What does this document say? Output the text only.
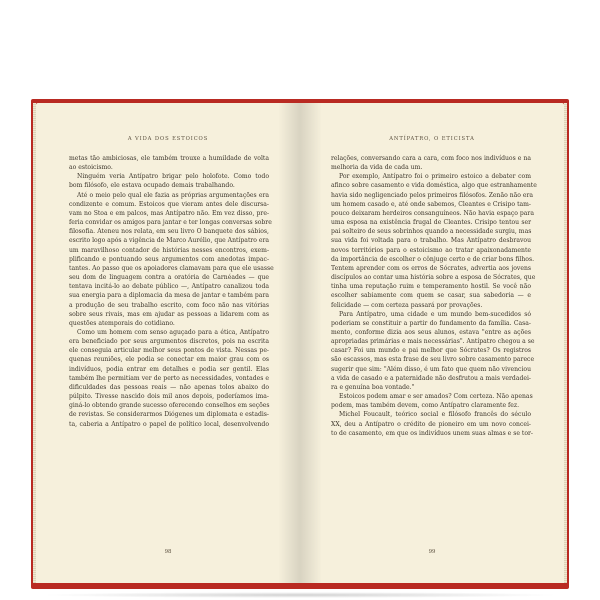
A VIDA DOS ESTOICOS
metas tão ambiciosas, ele também trouxe a humildade de volta
ao estoicismo.
Ninguém veria Antípatro brigar pelo holofote. Como todo
bom filósofo, ele estava ocupado demais trabalhando.
Até o meio pelo qual ele fazia as próprias argumentações era
condizente e comum. Estoicos que vieram antes dele discursa-
vam no Stoa e em palcos, mas Antípatro não. Em vez disso, pre-
feria convidar os amigos para jantar e ter longas conversas sobre
filosofia. Ateneu nos relata, em seu livro O banquete dos sábios,
escrito logo após a vigência de Marco Aurélio, que Antípatro era
um maravilhoso contador de histórias nesses encontros, exem-
plificando e pontuando seus argumentos com anedotas impac-
tantes. Ao passo que os apoiadores clamavam para que ele usasse
seu dom de linguagem contra a oratória de Carnéades — que
tentava incitá-lo ao debate público —, Antípatro canalizou toda
sua energia para a diplomacia da mesa de jantar e também para
a produção de seu trabalho escrito, com foco não nas vitórias
sobre seus rivais, mas em ajudar as pessoas a lidarem com as
questões atemporais do cotidiano.
Como um homem com senso aguçado para a ética, Antípatro
era beneficiado por seus argumentos discretos, pois na escrita
ele conseguia articular melhor seus pontos de vista. Nessas pe-
quenas reuniões, ele podia se conectar em maior grau com os
indivíduos, podia entrar em detalhes e podia ser gentil. Elas
também lhe permitiam ver de perto as necessidades, vontades e
dificuldades das pessoas reais — não apenas tolos abaixo do
púlpito. Tivesse nascido dois mil anos depois, poderíamos ima-
giná-lo obtendo grande sucesso oferecendo conselhos em seções
de revistas. Se considerarmos Diógenes um diplomata e estadis-
ta, caberia a Antípatro o papel de político local, desenvolvendo
98
ANTÍPATRO, O ETICISTA
relações, conversando cara a cara, com foco nos indivíduos e na
melhoria da vida de cada um.
Por exemplo, Antípatro foi o primeiro estoico a debater com
afinco sobre casamento e vida doméstica, algo que estranhamente
havia sido negligenciado pelos primeiros filósofos. Zenão não era
um homem casado e, até onde sabemos, Cleantes e Crisipo tam-
pouco deixaram herdeiros consanguíneos. Não havia espaço para
uma esposa na existência frugal de Cleantes. Crisipo tentou ser
pai solteiro de seus sobrinhos quando a necessidade surgiu, mas
sua vida foi voltada para o trabalho. Mas Antípatro desbravou
novos territórios para o estoicismo ao tratar apaixonadamente
da importância de escolher o cônjuge certo e de criar bons filhos.
Tentem aprender com os erros de Sócrates, advertia aos jovens
discípulos ao contar uma história sobre a esposa de Sócrates, que
tinha uma reputação ruim e temperamento hostil. Se você não
escolher sabiamente com quem se casar, sua sabedoria — e
felicidade — com certeza passará por provações.
Para Antípatro, uma cidade e um mundo bem-sucedidos só
poderiam se constituir a partir do fundamento da família. Casa-
mento, conforme dizia aos seus alunos, estava "entre as ações
apropriadas primárias e mais necessárias". Antípatro chegou a se
casar? Foi um mundo e pai melhor que Sócrates? Os registros
são escassos, mas esta frase de seu livro sobre casamento parece
sugerir que sim: "Além disso, é um fato que quem não vivenciou
a vida de casado e a paternidade não desfrutou a mais verdadei-
ra e genuína boa vontade."
Estoicos podem amar e ser amados? Com certeza. Não apenas
podem, mas também devem, como Antípatro claramente fez.
Michel Foucault, teórico social e filósofo francês do século
XX, deu a Antípatro o crédito de pioneiro em um novo concei-
to de casamento, em que os indivíduos unem suas almas e se tor-
99
